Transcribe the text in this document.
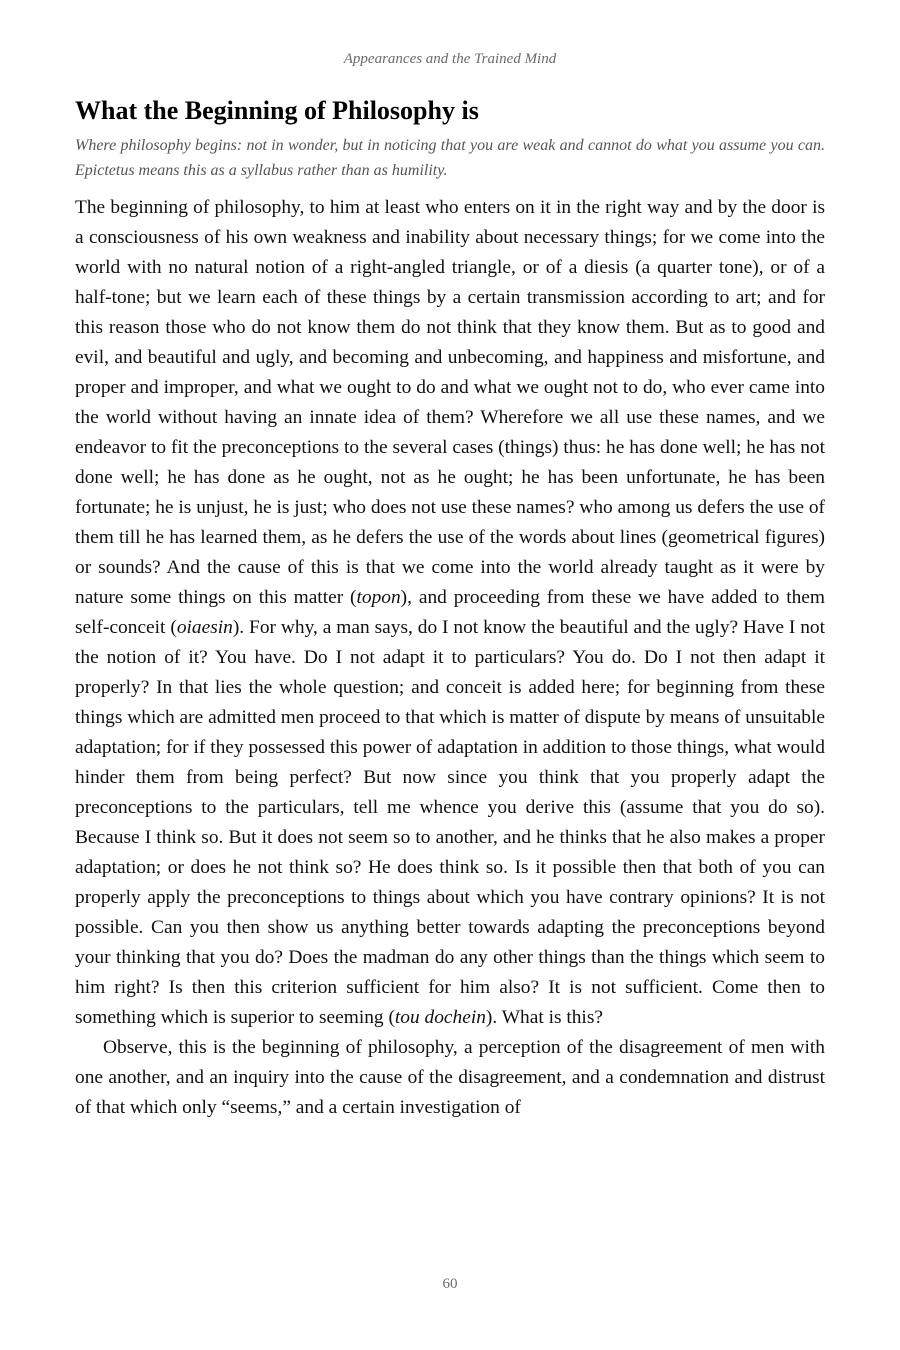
Appearances and the Trained Mind
What the Beginning of Philosophy is
Where philosophy begins: not in wonder, but in noticing that you are weak and cannot do what you assume you can. Epictetus means this as a syllabus rather than as humility.

The beginning of philosophy, to him at least who enters on it in the right way and by the door is a consciousness of his own weakness and inability about necessary things; for we come into the world with no natural notion of a right-angled triangle, or of a diesis (a quarter tone), or of a half-tone; but we learn each of these things by a certain transmission according to art; and for this reason those who do not know them do not think that they know them. But as to good and evil, and beautiful and ugly, and becoming and unbecoming, and happiness and misfortune, and proper and improper, and what we ought to do and what we ought not to do, who ever came into the world without having an innate idea of them? Wherefore we all use these names, and we endeavor to fit the preconceptions to the several cases (things) thus: he has done well; he has not done well; he has done as he ought, not as he ought; he has been unfortunate, he has been fortunate; he is unjust, he is just; who does not use these names? who among us defers the use of them till he has learned them, as he defers the use of the words about lines (geometrical figures) or sounds? And the cause of this is that we come into the world already taught as it were by nature some things on this matter (topon), and proceeding from these we have added to them self-conceit (oiaesin). For why, a man says, do I not know the beautiful and the ugly? Have I not the notion of it? You have. Do I not adapt it to particulars? You do. Do I not then adapt it properly? In that lies the whole question; and conceit is added here; for beginning from these things which are admitted men proceed to that which is matter of dispute by means of unsuitable adaptation; for if they possessed this power of adaptation in addition to those things, what would hinder them from being perfect? But now since you think that you properly adapt the preconceptions to the particulars, tell me whence you derive this (assume that you do so). Because I think so. But it does not seem so to another, and he thinks that he also makes a proper adaptation; or does he not think so? He does think so. Is it possible then that both of you can properly apply the preconceptions to things about which you have contrary opinions? It is not possible. Can you then show us anything better towards adapting the preconceptions beyond your thinking that you do? Does the madman do any other things than the things which seem to him right? Is then this criterion sufficient for him also? It is not sufficient. Come then to something which is superior to seeming (tou dochein). What is this?

Observe, this is the beginning of philosophy, a perception of the disagreement of men with one another, and an inquiry into the cause of the disagreement, and a condemnation and distrust of that which only “seems,” and a certain investigation of

60
